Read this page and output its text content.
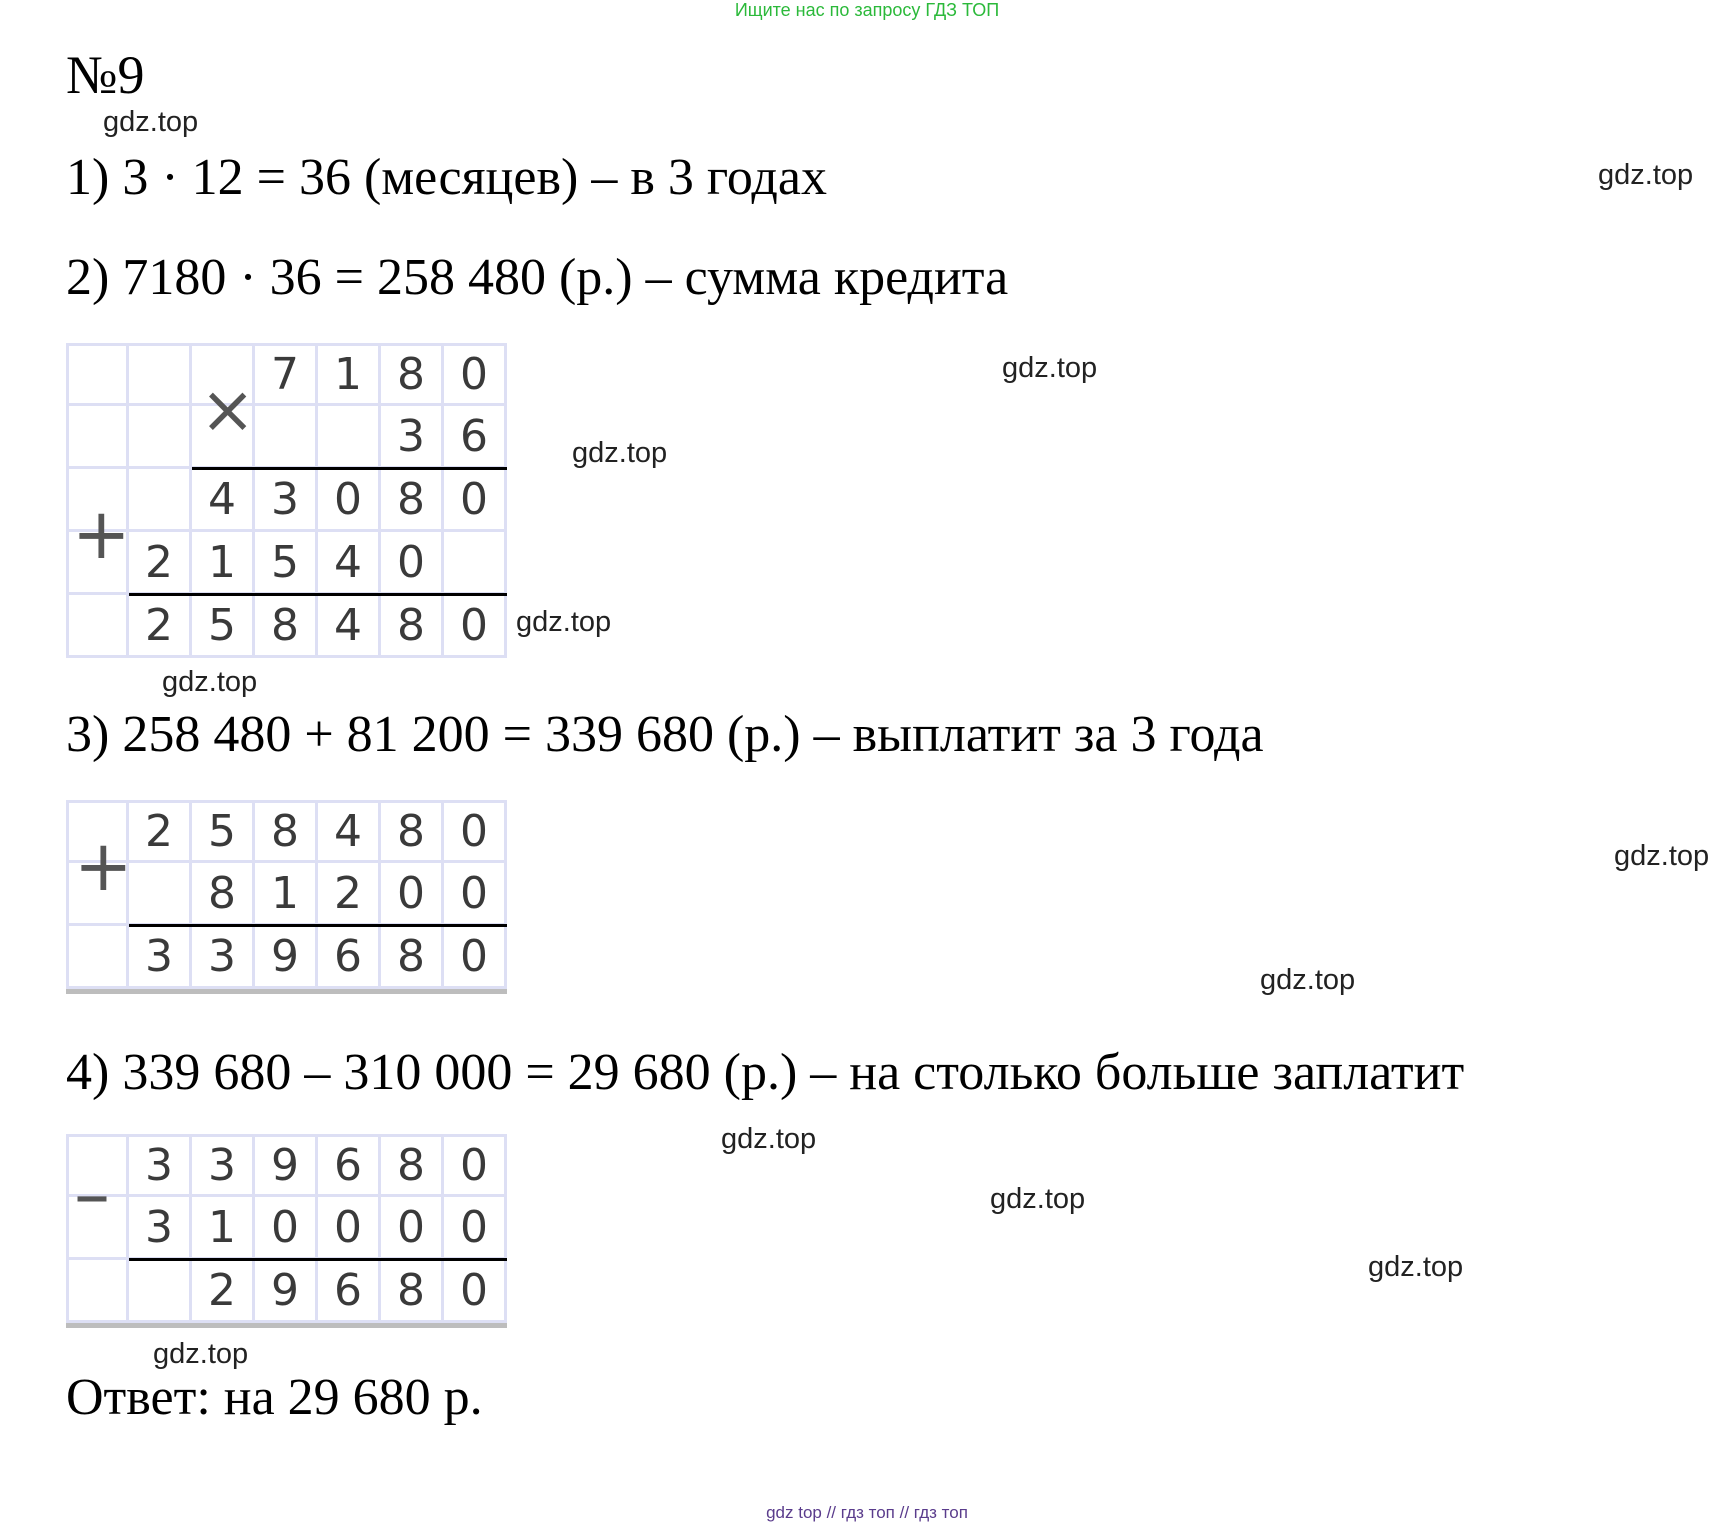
Ищите нас по запросу ГДЗ ТОП
№9
1) 3 · 12 = 36 (месяцев) – в 3 годах
2) 7180 · 36 = 258 480 (р.) – сумма кредита
7 1 8 0
3 6
4 3 0 8 0
2 1 5 4 0
2 5 8 4 8 0
×
+
3) 258 480 + 81 200 = 339 680 (р.) – выплатит за 3 года
2 5 8 4 8 0
8 1 2 0 0
3 3 9 6 8 0
+
4) 339 680 – 310 000 = 29 680 (р.) – на столько больше заплатит
3 3 9 6 8 0
3 1 0 0 0 0
2 9 6 8 0
–
Ответ: на 29 680 р.
gdz.top
gdz.top
gdz.top
gdz.top
gdz.top
gdz.top
gdz.top
gdz.top
gdz.top
gdz.top
gdz.top
gdz.top
gdz top // гдз топ // гдз топ
